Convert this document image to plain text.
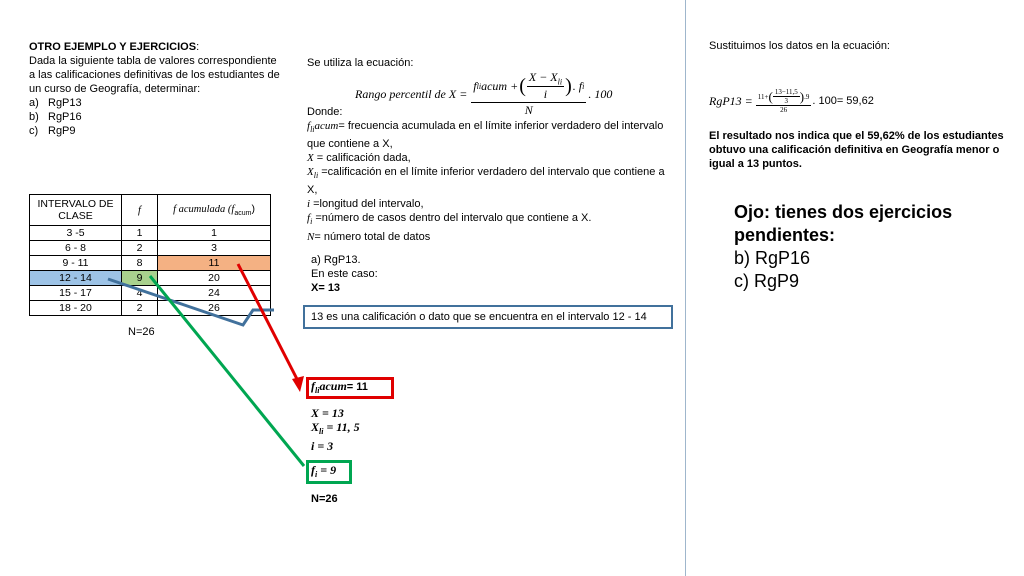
OTRO EJEMPLO Y EJERCICIOS:
Dada la siguiente tabla de valores correspondiente
a las calificaciones definitivas de los estudiantes de
un curso de Geografía, determinar:
a) RgP13
b) RgP16
c) RgP9
INTERVALO DE CLASE	f	f acumulada $(f_{acum})$
3 -5	1	1
6 - 8	2	3
9 - 11	8	11
12 - 14	9	20
15 - 17	4	24
18 - 20	2	26
N=26
Se utiliza la ecuación:
Rango percentil de $X = \frac{f li acum + ( \frac{X - X_{li}}{i} ) . f i}{N}$ . 100
Donde:
$f_{li}acum=$ frecuencia acumulada en el límite inferior verdadero del intervalo
que contiene a X,
X = calificación dada,
$X_{li}$ =calificación en el límite inferior verdadero del intervalo que contiene a
X,
i =longitud del intervalo,
$f_i$ =número de casos dentro del intervalo que contiene a X.
N= número total de datos
a) RgP13.
En este caso:
X= 13
13 es una calificación o dato que se encuentra en el intervalo 12 - 14
$f_{li}acum= 11$
X = 13
$X_{li} = 11$, 5
i = 3
$f_i = 9$
N=26
Sustituimos los datos en la ecuación:
$RgP13 = \frac{11+ ( \frac{13-11,5}{3} ) .9}{26}$ . 100= 59,62
El resultado nos indica que el 59,62% de los estudiantes
obtuvo una calificación definitiva en Geografía menor o
igual a 13 puntos.
Ojo: tienes dos ejercicios
pendientes:
b) RgP16
c) RgP9
